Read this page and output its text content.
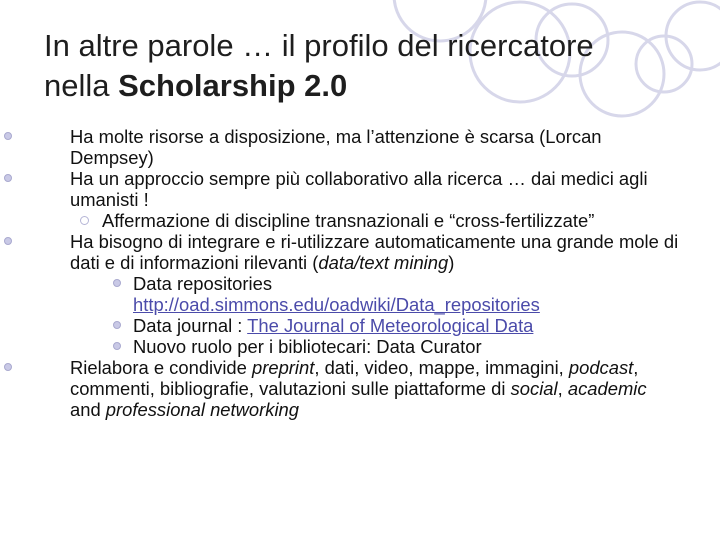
In altre parole … il profilo del ricercatore
nella Scholarship 2.0
Ha molte risorse a disposizione, ma l’attenzione è scarsa (Lorcan Dempsey)
Ha un approccio sempre più collaborativo alla ricerca … dai medici agli umanisti !
Affermazione di discipline transnazionali e “cross-fertilizzate”
Ha bisogno di integrare e ri-utilizzare automaticamente una grande mole di dati e di informazioni rilevanti (data/text mining)
Data repositories
http://oad.simmons.edu/oadwiki/Data_repositories
Data journal : The Journal of Meteorological Data
Nuovo ruolo per i bibliotecari: Data Curator
Rielabora e condivide preprint, dati, video, mappe, immagini, podcast, commenti, bibliografie, valutazioni sulle piattaforme di social, academic and professional networking
